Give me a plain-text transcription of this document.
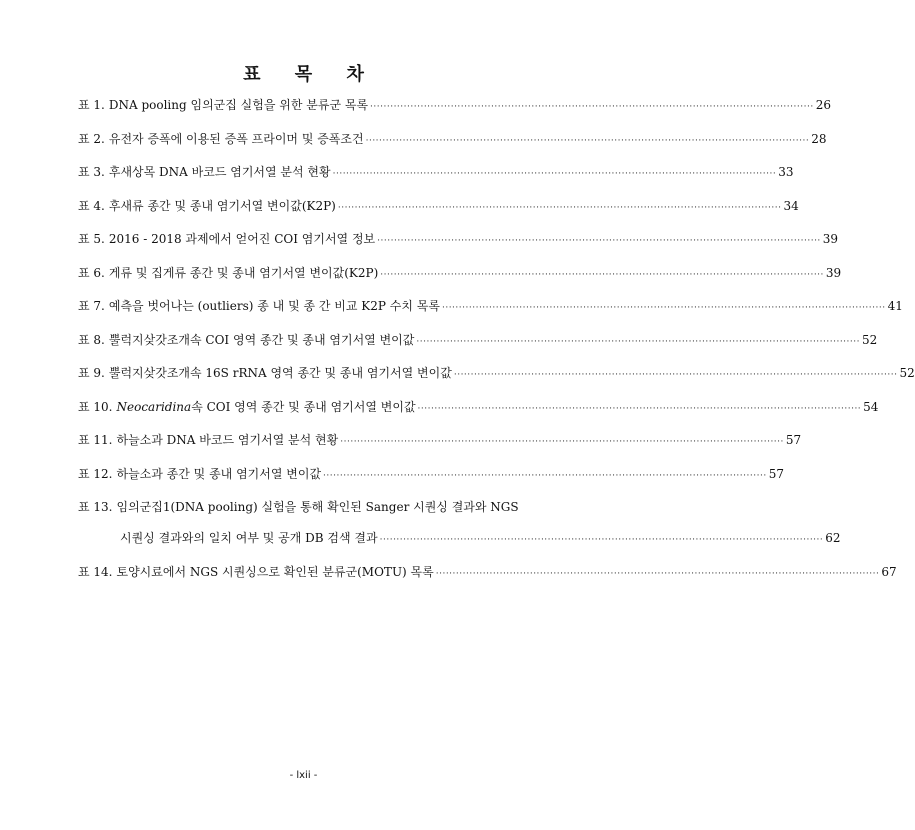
표 목 차
표 1. DNA pooling 임의군집 실험을 위한 분류군 목록 ·····	26
표 2. 유전자 증폭에 이용된 증폭 프라이머 및 증폭조건 ·····	28
표 3. 후새상목 DNA 바코드 염기서열 분석 현황 ·····	33
표 4. 후새류 종간 및 종내 염기서열 변이값(K2P) ·····	34
표 5. 2016 - 2018 과제에서 얻어진 COI 염기서열 정보 ·····	39
표 6. 게류 및 집게류 종간 및 종내 염기서열 변이값(K2P) ·····	39
표 7. 예측을 벗어나는 (outliers) 종 내 및 종 간 비교 K2P 수치 목록 ·····	41
표 8. 뿔럭지샂갓조개속 COI 영역 종간 및 종내 염기서열 변이값 ·····	52
표 9. 뿔럭지샂갓조개속 16S rRNA 영역 종간 및 종내 염기서열 변이값 ·····	52
표 10. Neocaridina속 COI 영역 종간 및 종내 염기서열 변이값 ·····	54
표 11. 하늘소과 DNA 바코드 염기서열 분석 현황 ·····	57
표 12. 하늘소과 종간 및 종내 염기서열 변이값 ·····	57
표 13. 임의군집1(DNA pooling) 실험을 통해 확인된 Sanger 시퀀싱 결과와 NGS
시퀀싱 결과와의 일치 여부 및 공개 DB 검색 결과 ·····	62
표 14. 토양시료에서 NGS 시퀀싱으로 확인된 분류군(MOTU) 목록 ·····	67
- lxii -
